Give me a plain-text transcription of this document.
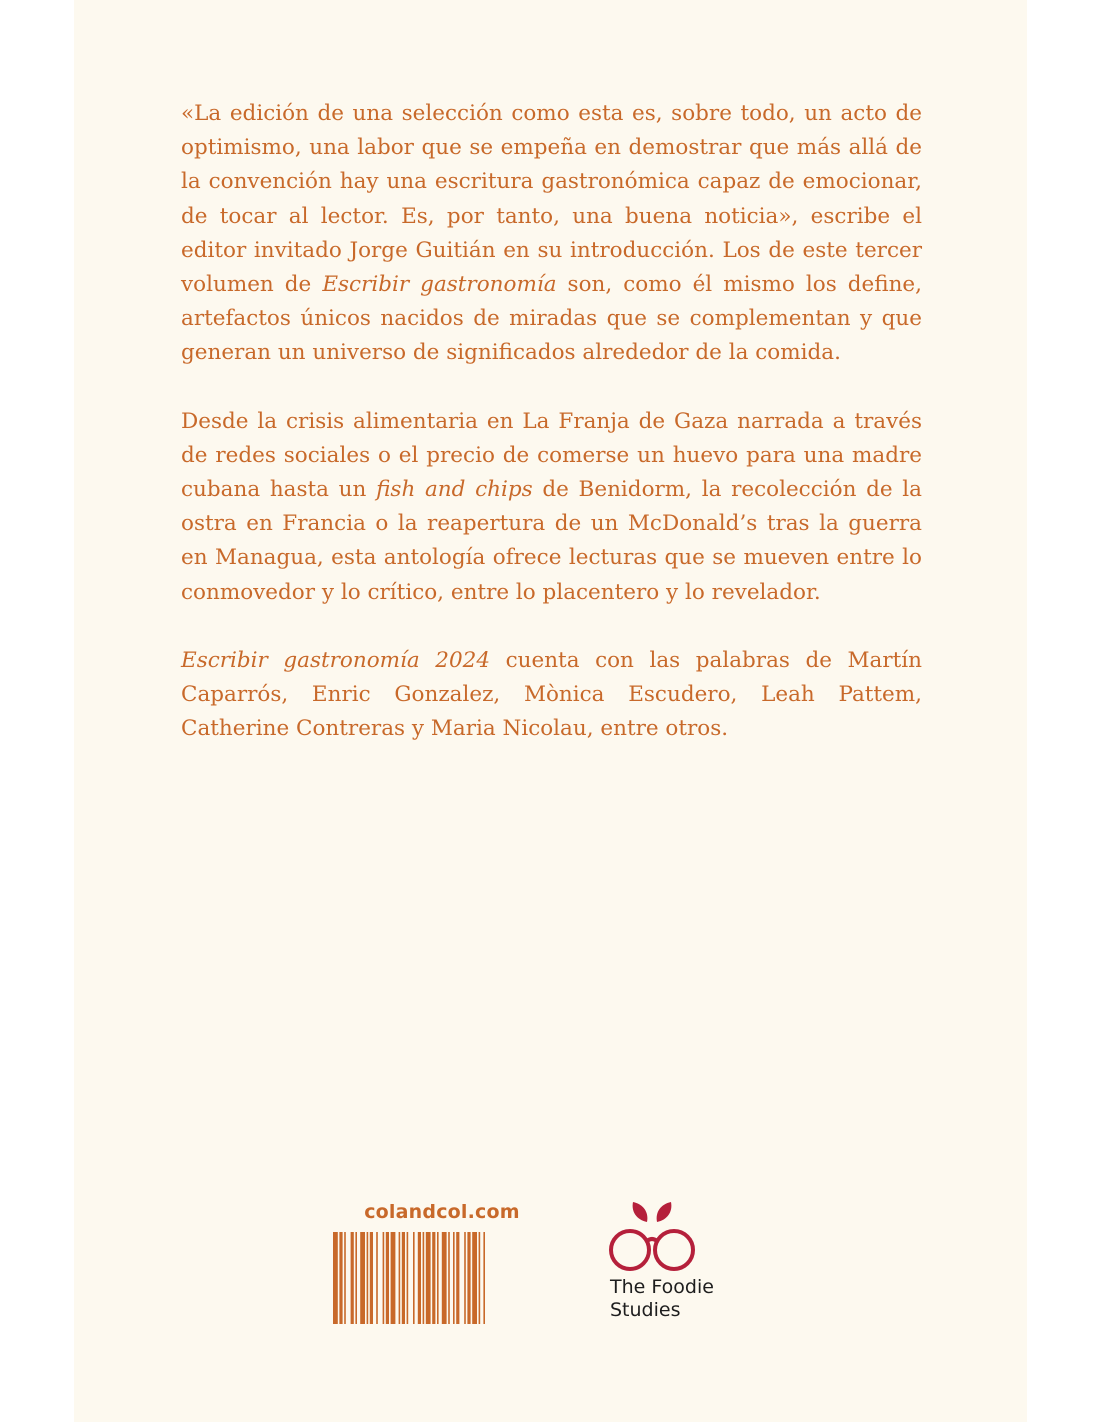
«La edición de una selección como esta es, sobre todo, un acto de optimismo, una labor que se empeña en demostrar que más allá de la convención hay una escritura gastronómica capaz de emocionar, de tocar al lector. Es, por tanto, una buena noticia», escribe el editor invitado Jorge Guitián en su introducción. Los de este tercer volumen de Escribir gastronomía son, como él mismo los define, artefactos únicos nacidos de miradas que se complementan y que generan un universo de significados alrededor de la comida.

Desde la crisis alimentaria en La Franja de Gaza narrada a través de redes sociales o el precio de comerse un huevo para una madre cubana hasta un fish and chips de Benidorm, la recolección de la ostra en Francia o la reapertura de un McDonald’s tras la guerra en Managua, esta antología ofrece lecturas que se mueven entre lo conmovedor y lo crítico, entre lo placentero y lo revelador.

Escribir gastronomía 2024 cuenta con las palabras de Martín Caparrós, Enric Gonzalez, Mònica Escudero, Leah Pattem, Catherine Contreras y Maria Nicolau, entre otros.

colandcol.com
The Foodie
Studies
